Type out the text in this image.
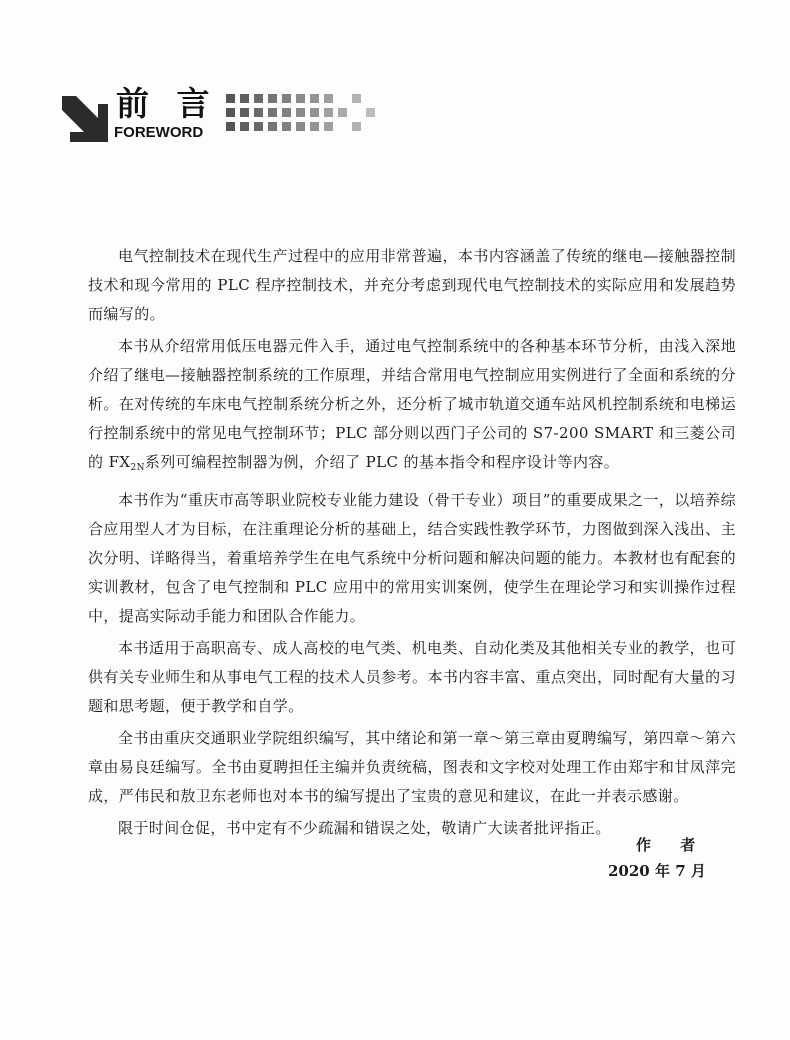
前 言
FOREWORD

电气控制技术在现代生产过程中的应用非常普遍，本书内容涵盖了传统的继电—接触器控制技术和现今常用的 PLC 程序控制技术，并充分考虑到现代电气控制技术的实际应用和发展趋势而编写的。

本书从介绍常用低压电器元件入手，通过电气控制系统中的各种基本环节分析，由浅入深地介绍了继电—接触器控制系统的工作原理，并结合常用电气控制应用实例进行了全面和系统的分析。在对传统的车床电气控制系统分析之外，还分析了城市轨道交通车站风机控制系统和电梯运行控制系统中的常见电气控制环节；PLC 部分则以西门子公司的 S7-200 SMART 和三菱公司的 $FX_{2N}$系列可编程控制器为例，介绍了 PLC 的基本指令和程序设计等内容。

本书作为“重庆市高等职业院校专业能力建设（骨干专业）项目”的重要成果之一，以培养综合应用型人才为目标，在注重理论分析的基础上，结合实践性教学环节，力图做到深入浅出、主次分明、详略得当，着重培养学生在电气系统中分析问题和解决问题的能力。本教材也有配套的实训教材，包含了电气控制和 PLC 应用中的常用实训案例，使学生在理论学习和实训操作过程中，提高实际动手能力和团队合作能力。

本书适用于高职高专、成人高校的电气类、机电类、自动化类及其他相关专业的教学，也可供有关专业师生和从事电气工程的技术人员参考。本书内容丰富、重点突出，同时配有大量的习题和思考题，便于教学和自学。

全书由重庆交通职业学院组织编写，其中绪论和第一章～第三章由夏聘编写，第四章～第六章由易良廷编写。全书由夏聘担任主编并负责统稿，图表和文字校对处理工作由郑宇和甘凤萍完成，严伟民和敖卫东老师也对本书的编写提出了宝贵的意见和建议，在此一并表示感谢。

限于时间仓促，书中定有不少疏漏和错误之处，敬请广大读者批评指正。

作 者
2020 年 7 月
